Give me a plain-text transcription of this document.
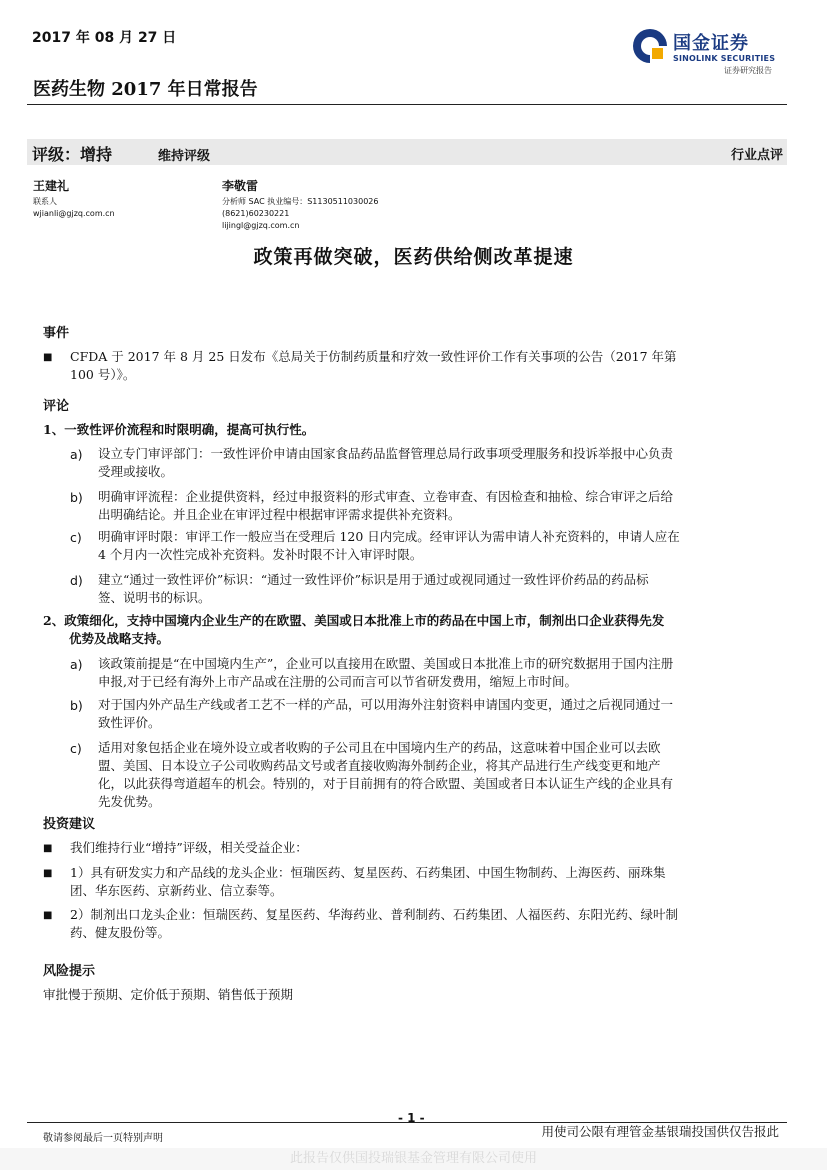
2017 年 08 月 27 日
医药生物 2017 年日常报告
国金证券
SINOLINK SECURITIES
证券研究报告
评级：增持	维持评级	行业点评
王建礼
联系人
wjianli@gjzq.com.cn
李敬雷
分析师 SAC 执业编号：S1130511030026
(8621)60230221
lijingl@gjzq.com.cn
政策再做突破，医药供给侧改革提速
事件
■ CFDA 于 2017 年 8 月 25 日发布《总局关于仿制药质量和疗效一致性评价工作有关事项的公告（2017 年第
100 号）》。
评论
1、一致性评价流程和时限明确，提高可执行性。
a) 设立专门审评部门：一致性评价申请由国家食品药品监督管理总局行政事项受理服务和投诉举报中心负责
受理或接收。
b) 明确审评流程：企业提供资料，经过申报资料的形式审查、立卷审查、有因检查和抽检、综合审评之后给
出明确结论。并且企业在审评过程中根据审评需求提供补充资料。
c) 明确审评时限：审评工作一般应当在受理后 120 日内完成。经审评认为需申请人补充资料的，申请人应在
4 个月内一次性完成补充资料。发补时限不计入审评时限。
d) 建立“通过一致性评价”标识：“通过一致性评价”标识是用于通过或视同通过一致性评价药品的药品标
签、说明书的标识。
2、政策细化，支持中国境内企业生产的在欧盟、美国或日本批准上市的药品在中国上市，制剂出口企业获得先发
优势及战略支持。
a) 该政策前提是“在中国境内生产”，企业可以直接用在欧盟、美国或日本批准上市的研究数据用于国内注册
申报,对于已经有海外上市产品或在注册的公司而言可以节省研发费用，缩短上市时间。
b) 对于国内外产品生产线或者工艺不一样的产品，可以用海外注射资料申请国内变更，通过之后视同通过一
致性评价。
c) 适用对象包括企业在境外设立或者收购的子公司且在中国境内生产的药品，这意味着中国企业可以去欧
盟、美国、日本设立子公司收购药品文号或者直接收购海外制药企业，将其产品进行生产线变更和地产
化，以此获得弯道超车的机会。特别的，对于目前拥有的符合欧盟、美国或者日本认证生产线的企业具有
先发优势。
投资建议
■ 我们维持行业“增持”评级，相关受益企业：
■ 1）具有研发实力和产品线的龙头企业：恒瑞医药、复星医药、石药集团、中国生物制药、上海医药、丽珠集
团、华东医药、京新药业、信立泰等。
■ 2）制剂出口龙头企业：恒瑞医药、复星医药、华海药业、普利制药、石药集团、人福医药、东阳光药、绿叶制
药、健友股份等。
风险提示
审批慢于预期、定价低于预期、销售低于预期
- 1 -
敬请参阅最后一页特别声明	用使司公限有理管金基银瑞投国供仅告报此
此报告仅供国投瑞银基金管理有限公司使用
